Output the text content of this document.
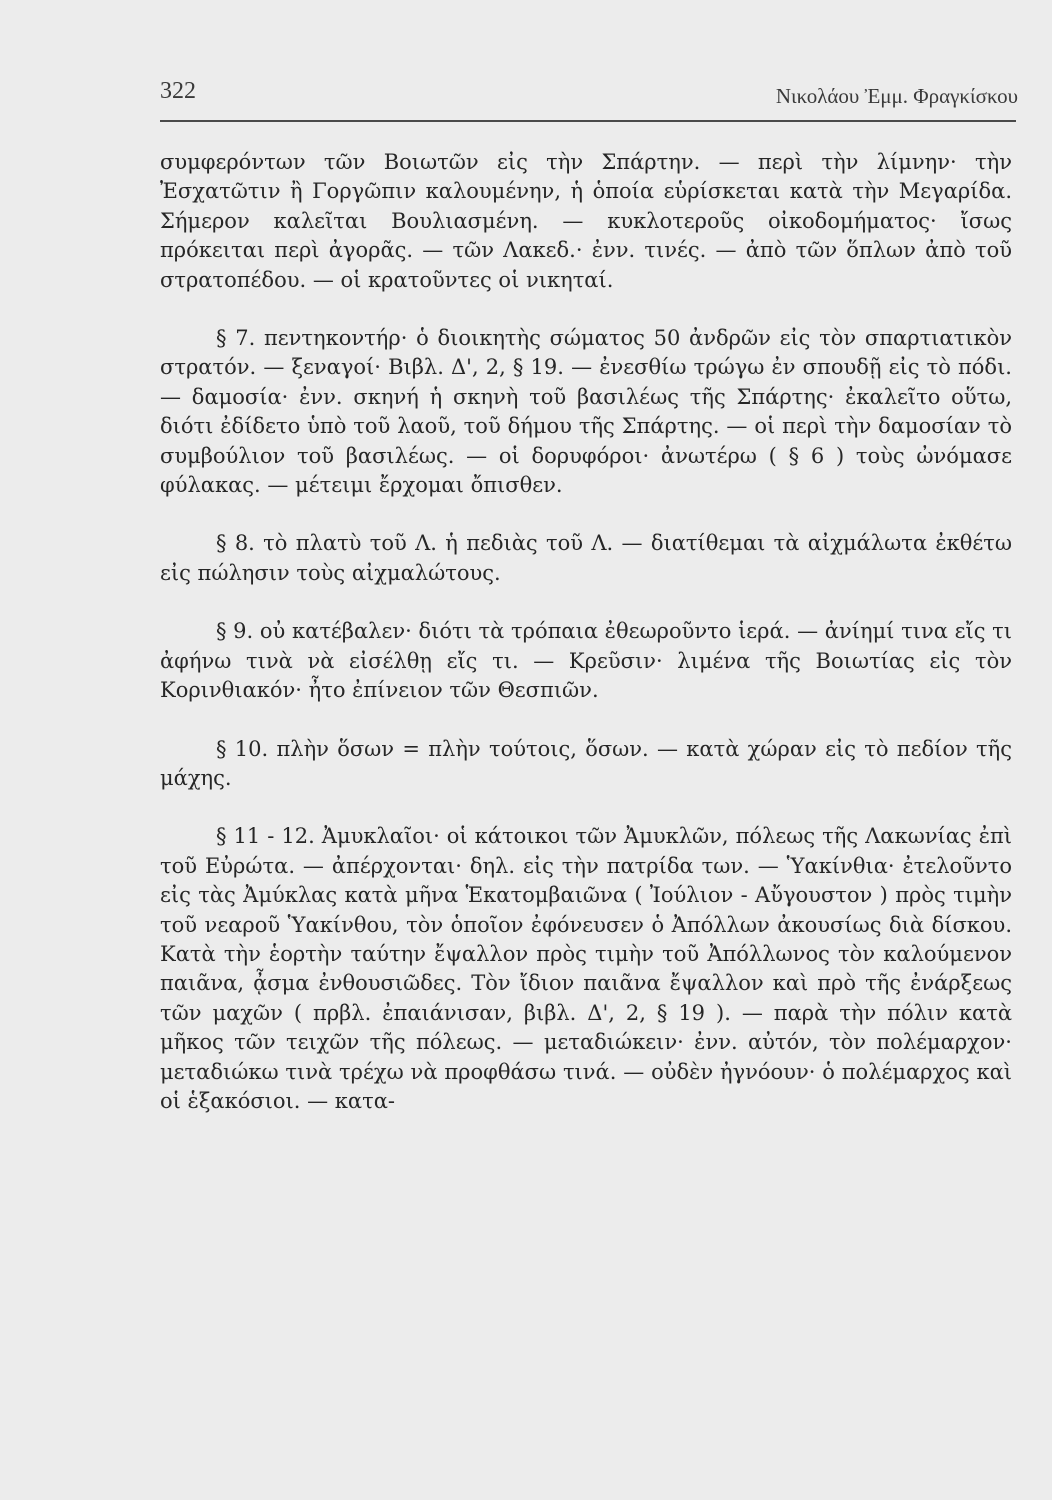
322	Νικολάου Ἐμμ. Φραγκίσκου

συμφερόντων τῶν Βοιωτῶν εἰς τὴν Σπάρτην. — περὶ τὴν λίμνην· τὴν Ἐσχατῶτιν ἢ Γοργῶπιν καλουμένην, ἡ ὁποία εὑρίσκεται κατὰ τὴν Μεγαρίδα. Σήμερον καλεῖται Βουλιασμένη. — κυκλοτεροῦς οἰκοδομήματος· ἴσως πρόκειται περὶ ἀγορᾶς. — τῶν Λακεδ.· ἐνν. τινές. — ἀπὸ τῶν ὅπλων ἀπὸ τοῦ στρατοπέδου. — οἱ κρατοῦντες οἱ νικηταί.

§ 7. πεντηκοντήρ· ὁ διοικητὴς σώματος 50 ἀνδρῶν εἰς τὸν σπαρτιατικὸν στρατόν. — ξεναγοί· Βιβλ. Δ', 2, § 19. — ἐνεσθίω τρώγω ἐν σπουδῇ εἰς τὸ πόδι. — δαμοσία· ἐνν. σκηνή ἡ σκηνὴ τοῦ βασιλέως τῆς Σπάρτης· ἐκαλεῖτο οὕτω, διότι ἐδίδετο ὑπὸ τοῦ λαοῦ, τοῦ δήμου τῆς Σπάρτης. — οἱ περὶ τὴν δαμοσίαν τὸ συμβούλιον τοῦ βασιλέως. — οἱ δορυφόροι· ἀνωτέρω ( § 6 ) τοὺς ὠνόμασε φύλακας. — μέτειμι ἔρχομαι ὄπισθεν.

§ 8. τὸ πλατὺ τοῦ Λ. ἡ πεδιὰς τοῦ Λ. — διατίθεμαι τὰ αἰχμάλωτα ἐκθέτω εἰς πώλησιν τοὺς αἰχμαλώτους.

§ 9. οὐ κατέβαλεν· διότι τὰ τρόπαια ἐθεωροῦντο ἱερά. — ἀνίημί τινα εἴς τι ἀφήνω τινὰ νὰ εἰσέλθῃ εἴς τι. — Κρεῦσιν· λιμένα τῆς Βοιωτίας εἰς τὸν Κορινθιακόν· ἦτο ἐπίνειον τῶν Θεσπιῶν.

§ 10. πλὴν ὅσων = πλὴν τούτοις, ὅσων. — κατὰ χώραν εἰς τὸ πεδίον τῆς μάχης.

§ 11 - 12. Ἀμυκλαῖοι· οἱ κάτοικοι τῶν Ἀμυκλῶν, πόλεως τῆς Λακωνίας ἐπὶ τοῦ Εὐρώτα. — ἀπέρχονται· δηλ. εἰς τὴν πατρίδα των. — Ὑακίνθια· ἐτελοῦντο εἰς τὰς Ἀμύκλας κατὰ μῆνα Ἑκατομβαιῶνα ( Ἰούλιον - Αὔγουστον ) πρὸς τιμὴν τοῦ νεαροῦ Ὑακίνθου, τὸν ὁποῖον ἐφόνευσεν ὁ Ἀπόλλων ἀκουσίως διὰ δίσκου. Κατὰ τὴν ἑορτὴν ταύτην ἔψαλλον πρὸς τιμὴν τοῦ Ἀπόλλωνος τὸν καλούμενον παιᾶνα, ᾆσμα ἐνθουσιῶδες. Τὸν ἴδιον παιᾶνα ἔψαλλον καὶ πρὸ τῆς ἐνάρξεως τῶν μαχῶν ( πρβλ. ἐπαιάνισαν, βιβλ. Δ', 2, § 19 ). — παρὰ τὴν πόλιν κατὰ μῆκος τῶν τειχῶν τῆς πόλεως. — μεταδιώκειν· ἐνν. αὐτόν, τὸν πολέμαρχον· μεταδιώκω τινὰ τρέχω νὰ προφθάσω τινά. — οὐδὲν ἠγνόουν· ὁ πολέμαρχος καὶ οἱ ἑξακόσιοι. — κατα-
